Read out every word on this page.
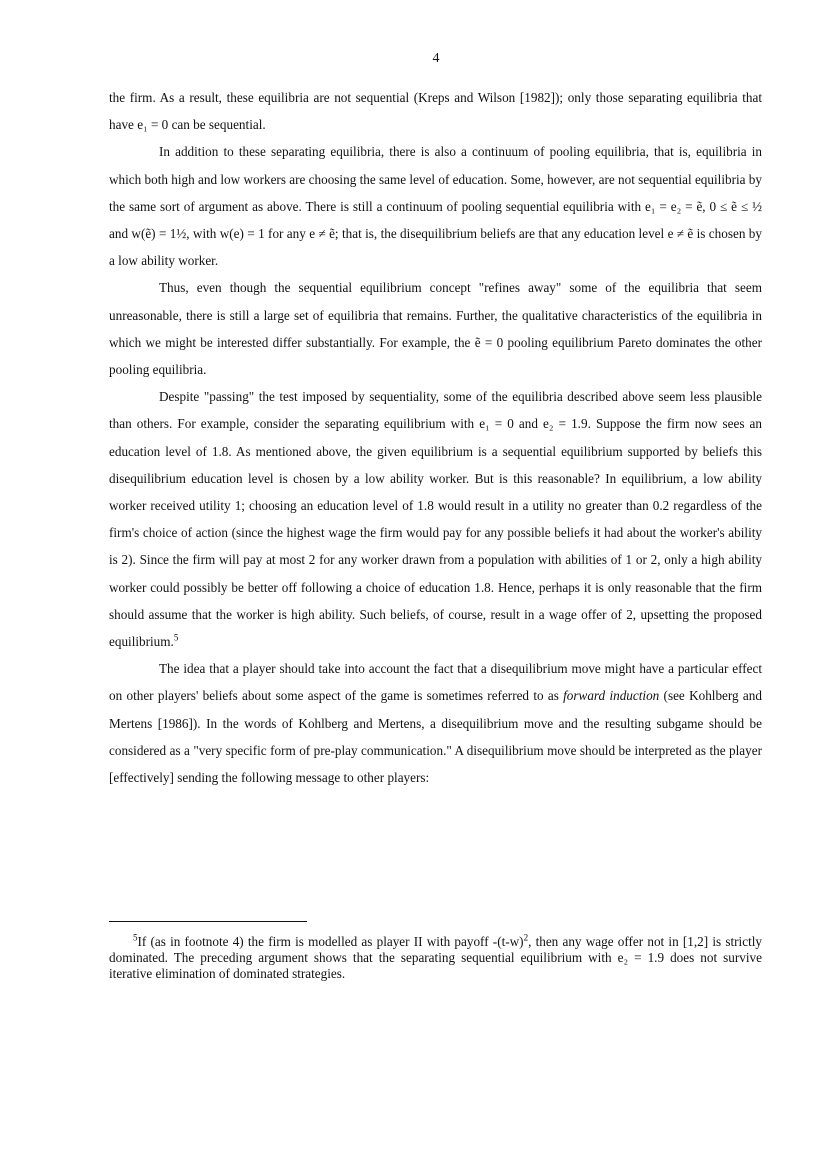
4

the firm. As a result, these equilibria are not sequential (Kreps and Wilson [1982]); only those separating equilibria that have e₁ = 0 can be sequential.

In addition to these separating equilibria, there is also a continuum of pooling equilibria, that is, equilibria in which both high and low workers are choosing the same level of education. Some, however, are not sequential equilibria by the same sort of argument as above. There is still a continuum of pooling sequential equilibria with e₁ = e₂ = ẽ, 0 ≤ ẽ ≤ ½ and w(ẽ) = 1½, with w(e) = 1 for any e ≠ ẽ; that is, the disequilibrium beliefs are that any education level e ≠ ẽ is chosen by a low ability worker.

Thus, even though the sequential equilibrium concept "refines away" some of the equilibria that seem unreasonable, there is still a large set of equilibria that remains. Further, the qualitative characteristics of the equilibria in which we might be interested differ substantially. For example, the ẽ = 0 pooling equilibrium Pareto dominates the other pooling equilibria.

Despite "passing" the test imposed by sequentiality, some of the equilibria described above seem less plausible than others. For example, consider the separating equilibrium with e₁ = 0 and e₂ = 1.9. Suppose the firm now sees an education level of 1.8. As mentioned above, the given equilibrium is a sequential equilibrium supported by beliefs this disequilibrium education level is chosen by a low ability worker. But is this reasonable? In equilibrium, a low ability worker received utility 1; choosing an education level of 1.8 would result in a utility no greater than 0.2 regardless of the firm's choice of action (since the highest wage the firm would pay for any possible beliefs it had about the worker's ability is 2). Since the firm will pay at most 2 for any worker drawn from a population with abilities of 1 or 2, only a high ability worker could possibly be better off following a choice of education 1.8. Hence, perhaps it is only reasonable that the firm should assume that the worker is high ability. Such beliefs, of course, result in a wage offer of 2, upsetting the proposed equilibrium.$^5$

The idea that a player should take into account the fact that a disequilibrium move might have a particular effect on other players' beliefs about some aspect of the game is sometimes referred to as forward induction (see Kohlberg and Mertens [1986]). In the words of Kohlberg and Mertens, a disequilibrium move and the resulting subgame should be considered as a "very specific form of pre-play communication." A disequilibrium move should be interpreted as the player [effectively] sending the following message to other players:

$^5$If (as in footnote 4) the firm is modelled as player II with payoff $-(t-w)^2$, then any wage offer not in [1,2] is strictly dominated. The preceding argument shows that the separating sequential equilibrium with e₂ = 1.9 does not survive iterative elimination of dominated strategies.
